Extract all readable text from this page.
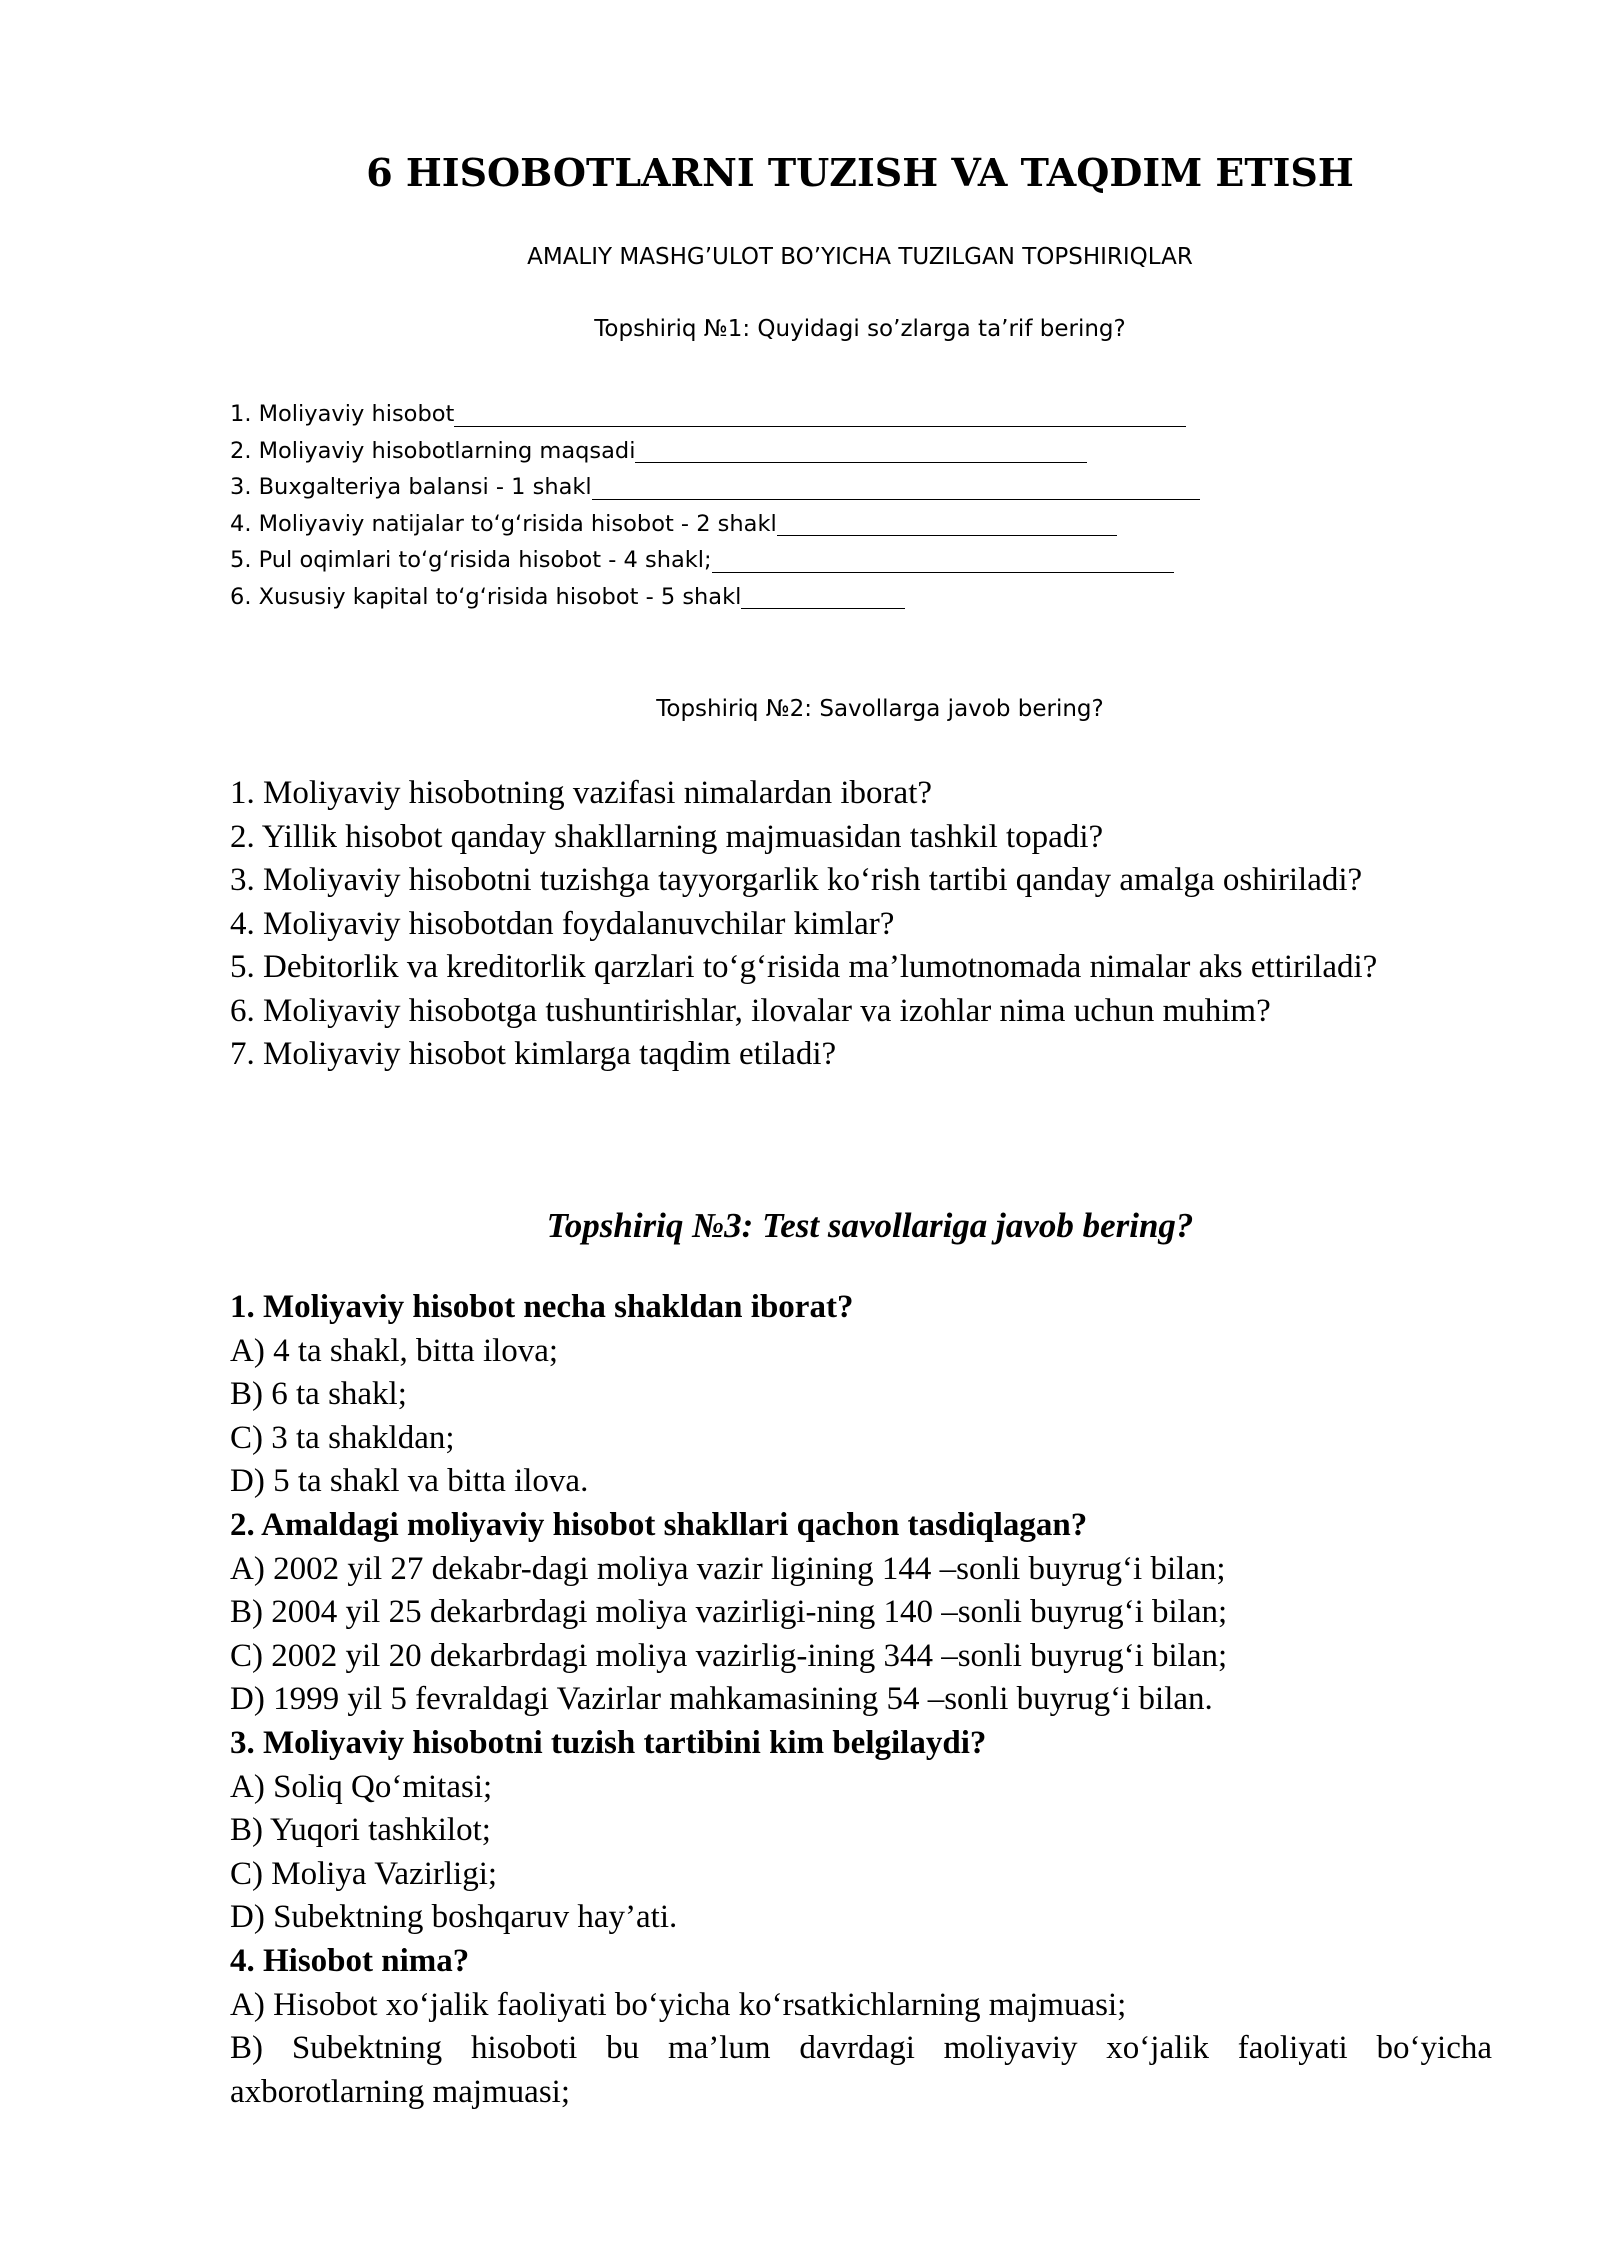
6 HISOBOTLARNI TUZISH VA TAQDIM ETISH
AMALIY MASHG’ULOT BO’YICHA TUZILGAN TOPSHIRIQLAR
Topshiriq №1: Quyidagi so’zlarga ta’rif bering?
1. Moliyaviy hisobot
2. Moliyaviy hisobotlarning maqsadi
3. Buxgalteriya balansi - 1 shakl
4. Moliyaviy natijalar to‘g‘risida hisobot - 2 shakl
5. Pul oqimlari to‘g‘risida hisobot - 4 shakl;
6. Xususiy kapital to‘g‘risida hisobot - 5 shakl
Topshiriq №2: Savollarga javob bering?
1. Moliyaviy hisobotning vazifasi nimalardan iborat?
2. Yillik hisobot qanday shakllarning majmuasidan tashkil topadi?
3. Moliyaviy hisobotni tuzishga tayyorgarlik ko‘rish tartibi qanday amalga oshiriladi?
4. Moliyaviy hisobotdan foydalanuvchilar kimlar?
5. Debitorlik va kreditorlik qarzlari to‘g‘risida ma’lumotnomada nimalar aks ettiriladi?
6. Moliyaviy hisobotga tushuntirishlar, ilovalar va izohlar nima uchun muhim?
7. Moliyaviy hisobot kimlarga taqdim etiladi?
Topshiriq №3: Test savollariga javob bering?
1. Moliyaviy hisobot necha shakldan iborat?
A) 4 ta shakl, bitta ilova;
B) 6 ta shakl;
C) 3 ta shakldan;
D) 5 ta shakl va bitta ilova.
2. Amaldagi moliyaviy hisobot shakllari qachon tasdiqlagan?
A) 2002 yil 27 dekabr-dagi moliya vazir ligining 144 –sonli buyrug‘i bilan;
B) 2004 yil 25 dekarbrdagi moliya vazirligi-ning 140 –sonli buyrug‘i bilan;
C) 2002 yil 20 dekarbrdagi moliya vazirlig-ining 344 –sonli buyrug‘i bilan;
D) 1999 yil 5 fevraldagi Vazirlar mahkamasining 54 –sonli buyrug‘i bilan.
3. Moliyaviy hisobotni tuzish tartibini kim belgilaydi?
A) Soliq Qo‘mitasi;
B) Yuqori tashkilot;
C) Moliya Vazirligi;
D) Subektning boshqaruv hay’ati.
4. Hisobot nima?
A) Hisobot xo‘jalik faoliyati bo‘yicha ko‘rsatkichlarning majmuasi;
B) Subektning hisoboti bu ma’lum davrdagi moliyaviy xo‘jalik faoliyati bo‘yicha axborotlarning majmuasi;
